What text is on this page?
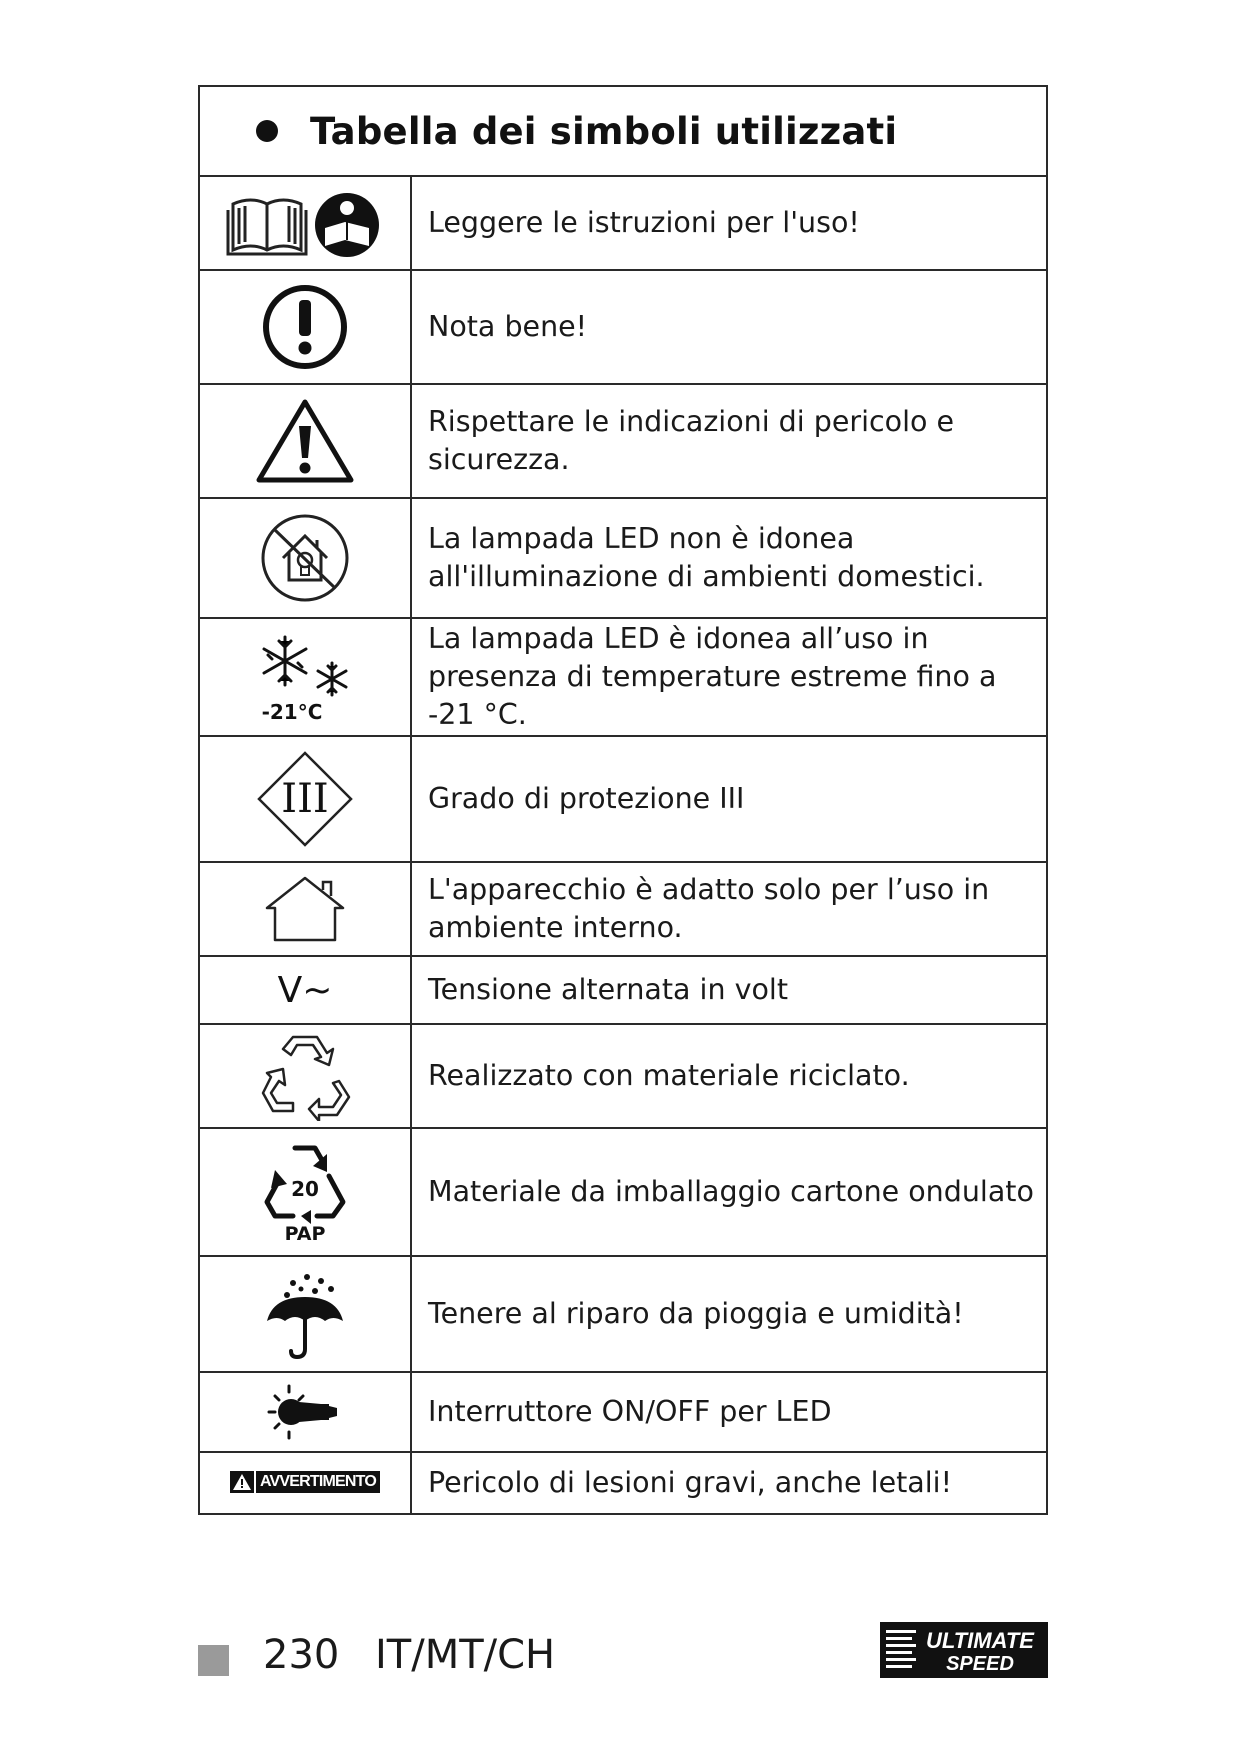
Tabella dei simboli utilizzati	

	Leggere le istruzioni per l'uso!

	Nota bene!

	Rispettare le indicazioni di pericolo e sicurezza.

	La lampada LED non è idonea all'illuminazione di ambienti domestici.

-21°C	La lampada LED è idonea all’uso in presenza di temperature estreme fino a -21 °C.

III	Grado di protezione III

	L'apparecchio è adatto solo per l’uso in ambiente interno.
V~	Tensione alternata in volt

	Realizzato con materiale riciclato.

20
PAP	Materiale da imballaggio cartone ondulato

	Tenere al riparo da pioggia e umidità!

	Interruttore ON/OFF per LED

AVVERTIMENTO	Pericolo di lesioni gravi, anche letali!
230 IT/MT/CH	ULTIMATE
SPEED
